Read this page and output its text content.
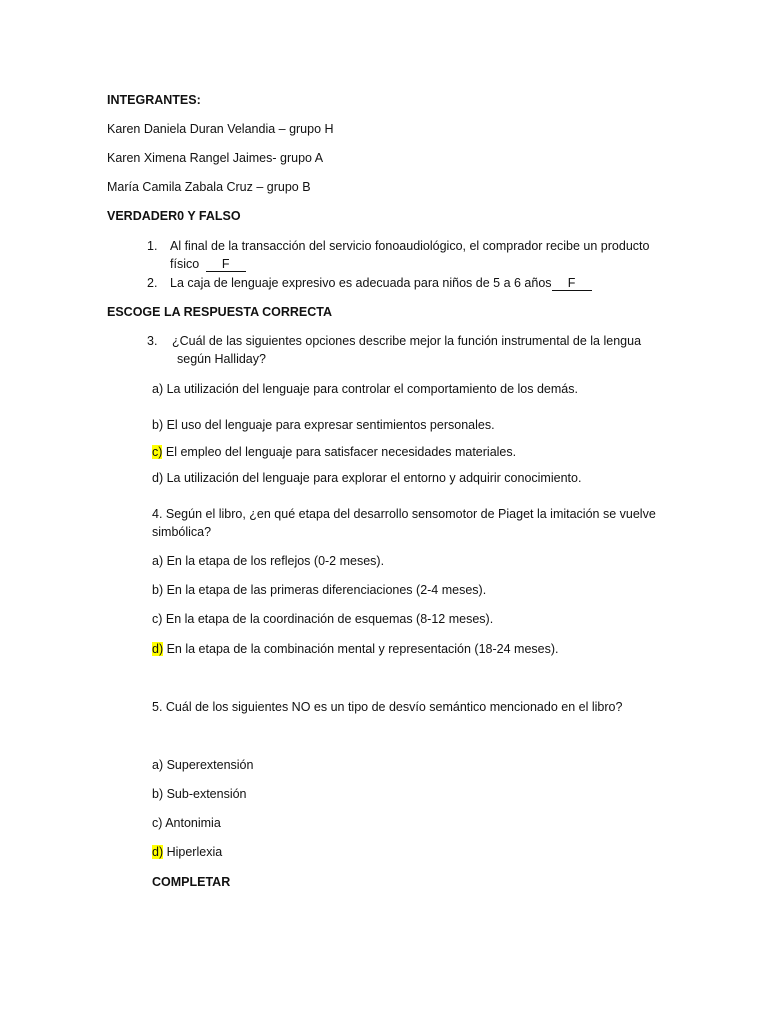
INTEGRANTES:
Karen Daniela Duran Velandia – grupo H
Karen Ximena Rangel Jaimes- grupo A
María Camila Zabala Cruz – grupo B
VERDADER0 Y FALSO
1. Al final de la transacción del servicio fonoaudiológico, el comprador recibe un producto
físico F
2. La caja de lenguaje expresivo es adecuada para niños de 5 a 6 años F
ESCOGE LA RESPUESTA CORRECTA
3. ¿Cuál de las siguientes opciones describe mejor la función instrumental de la lengua
según Halliday?
a) La utilización del lenguaje para controlar el comportamiento de los demás.
b) El uso del lenguaje para expresar sentimientos personales.
c) El empleo del lenguaje para satisfacer necesidades materiales.
d) La utilización del lenguaje para explorar el entorno y adquirir conocimiento.
4. Según el libro, ¿en qué etapa del desarrollo sensomotor de Piaget la imitación se vuelve
simbólica?
a) En la etapa de los reflejos (0-2 meses).
b) En la etapa de las primeras diferenciaciones (2-4 meses).
c) En la etapa de la coordinación de esquemas (8-12 meses).
d) En la etapa de la combinación mental y representación (18-24 meses).
5. Cuál de los siguientes NO es un tipo de desvío semántico mencionado en el libro?
a) Superextensión
b) Sub-extensión
c) Antonimia
d) Hiperlexia
COMPLETAR
